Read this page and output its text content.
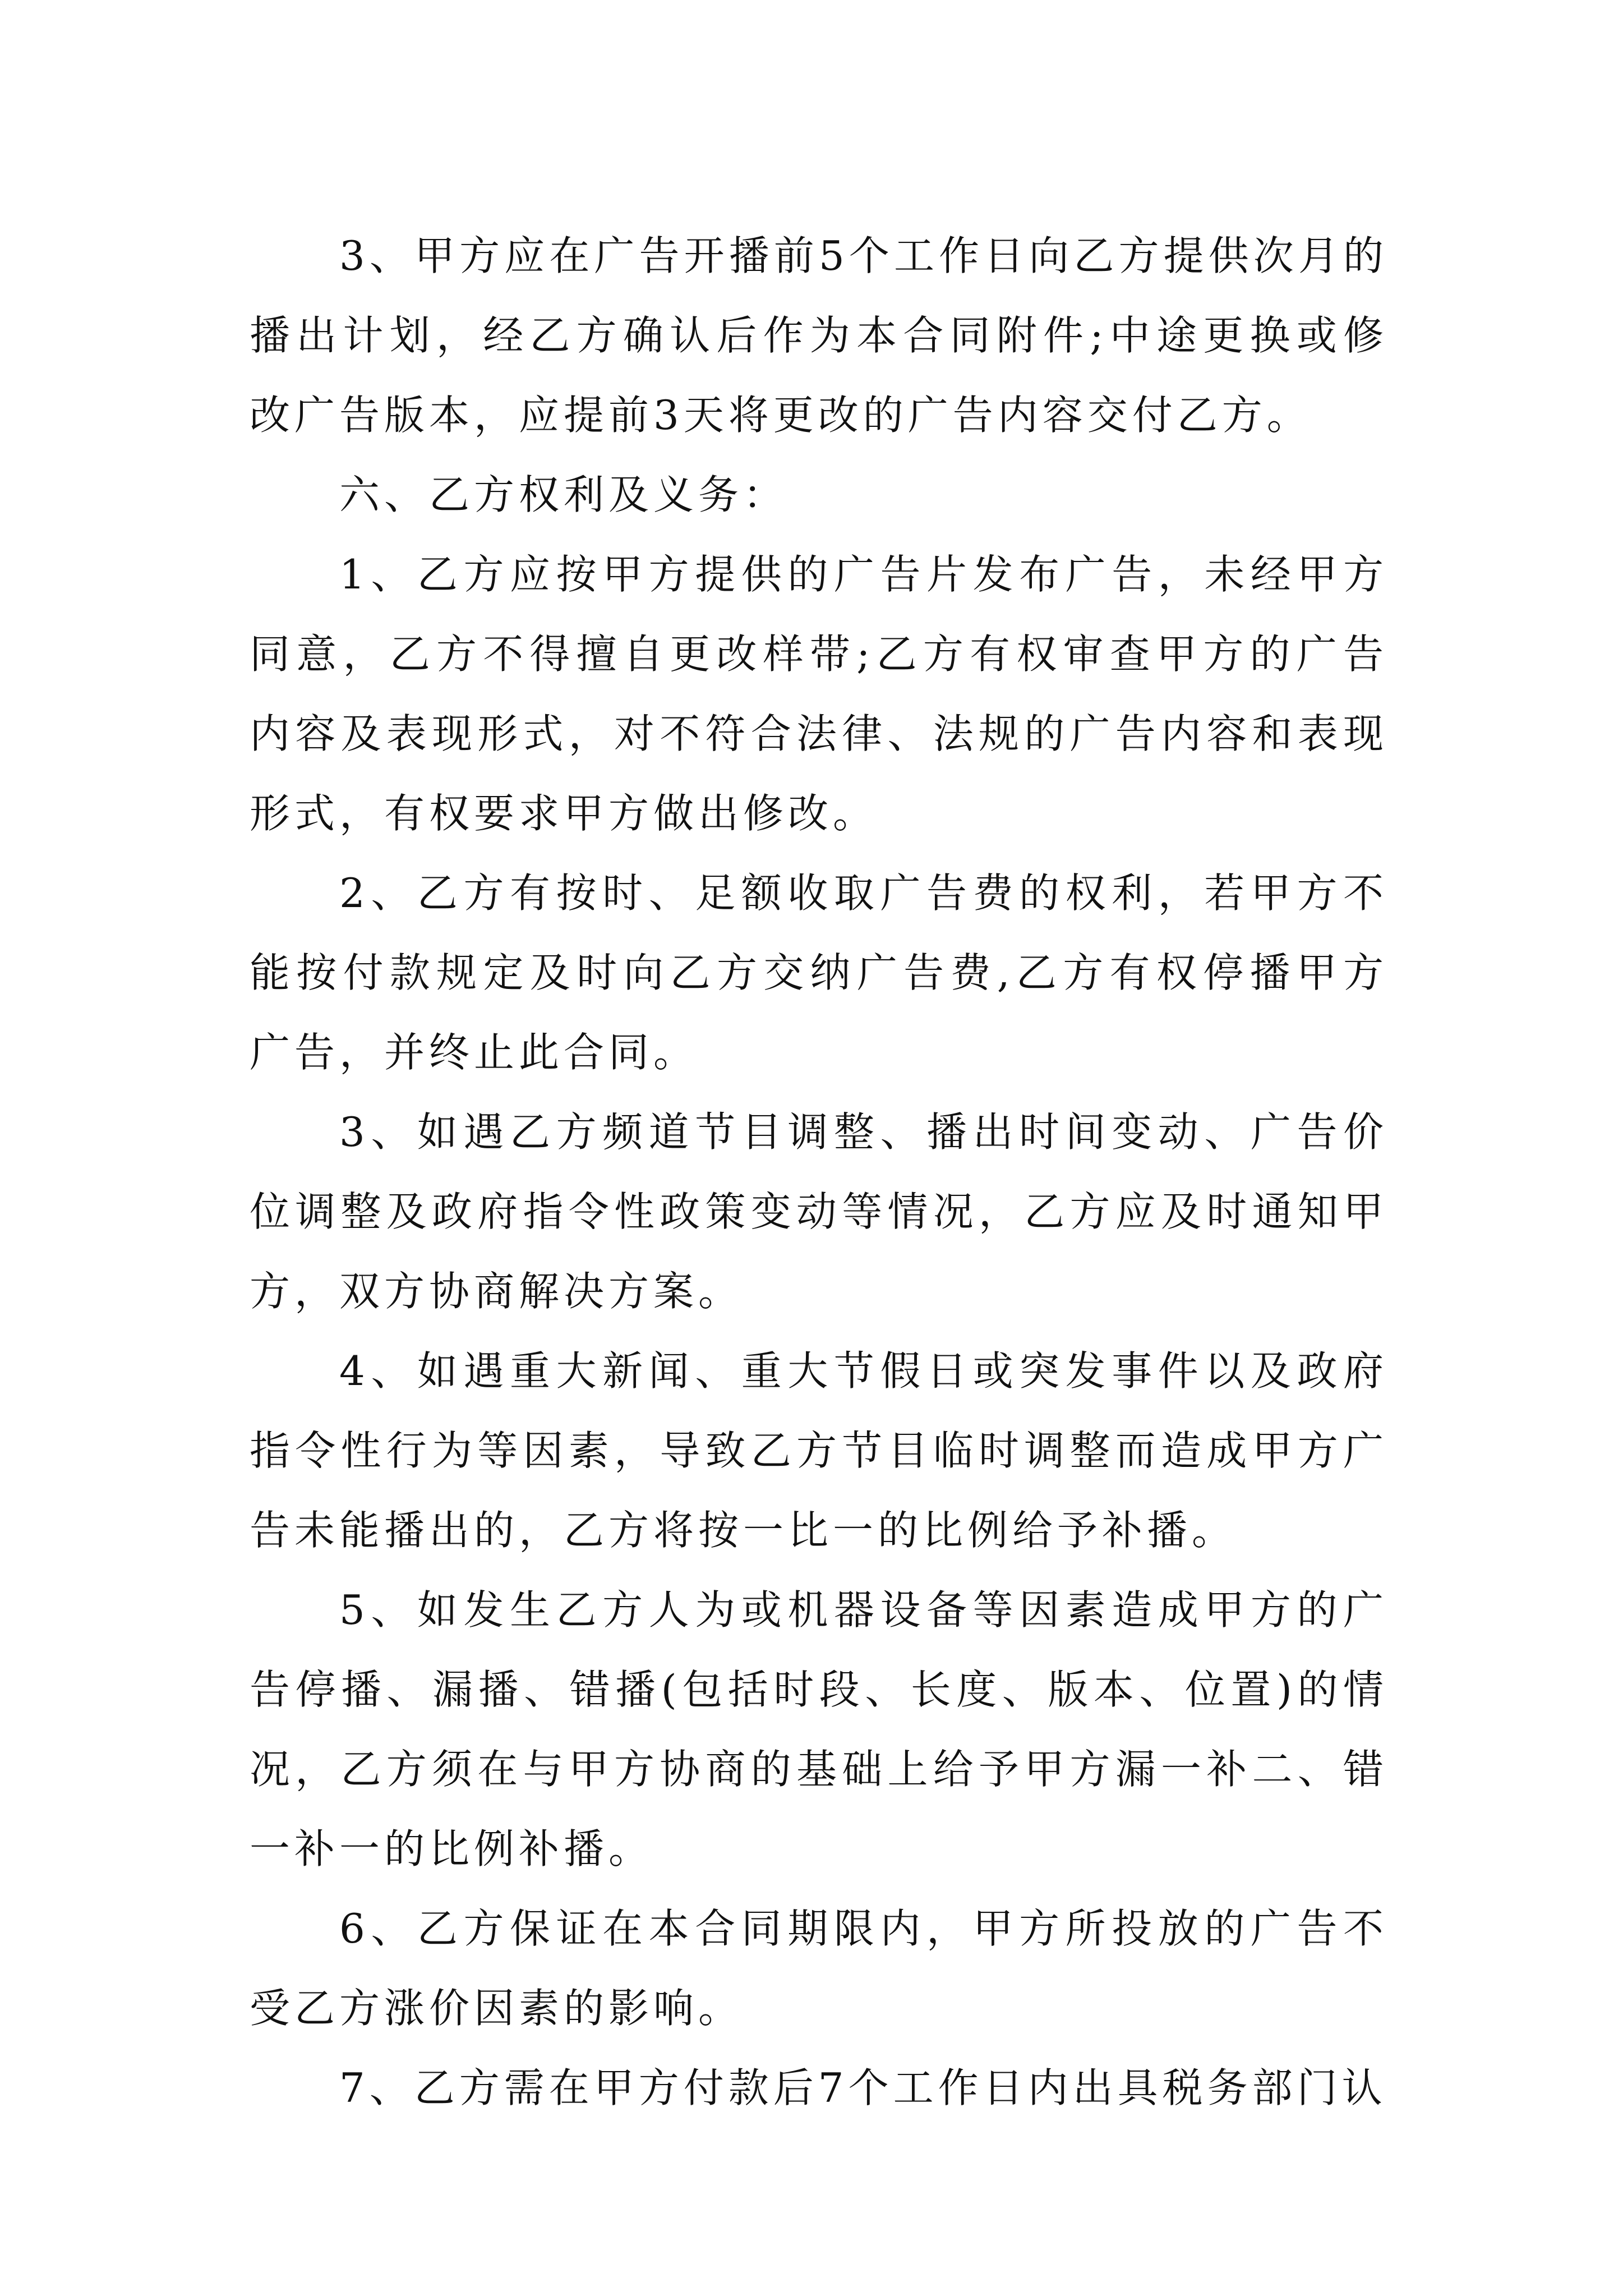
3、甲方应在广告开播前5个工作日向乙方提供次月的播出计划，经乙方确认后作为本合同附件;中途更换或修改广告版本，应提前3天将更改的广告内容交付乙方。

六、乙方权利及义务：

1、乙方应按甲方提供的广告片发布广告，未经甲方同意，乙方不得擅自更改样带;乙方有权审查甲方的广告内容及表现形式，对不符合法律、法规的广告内容和表现形式，有权要求甲方做出修改。

2、乙方有按时、足额收取广告费的权利，若甲方不能按付款规定及时向乙方交纳广告费,乙方有权停播甲方广告，并终止此合同。

3、如遇乙方频道节目调整、播出时间变动、广告价位调整及政府指令性政策变动等情况，乙方应及时通知甲方，双方协商解决方案。

4、如遇重大新闻、重大节假日或突发事件以及政府指令性行为等因素，导致乙方节目临时调整而造成甲方广告未能播出的，乙方将按一比一的比例给予补播。

5、如发生乙方人为或机器设备等因素造成甲方的广告停播、漏播、错播(包括时段、长度、版本、位置)的情况，乙方须在与甲方协商的基础上给予甲方漏一补二、错一补一的比例补播。

6、乙方保证在本合同期限内，甲方所投放的广告不受乙方涨价因素的影响。

7、乙方需在甲方付款后7个工作日内出具税务部门认
